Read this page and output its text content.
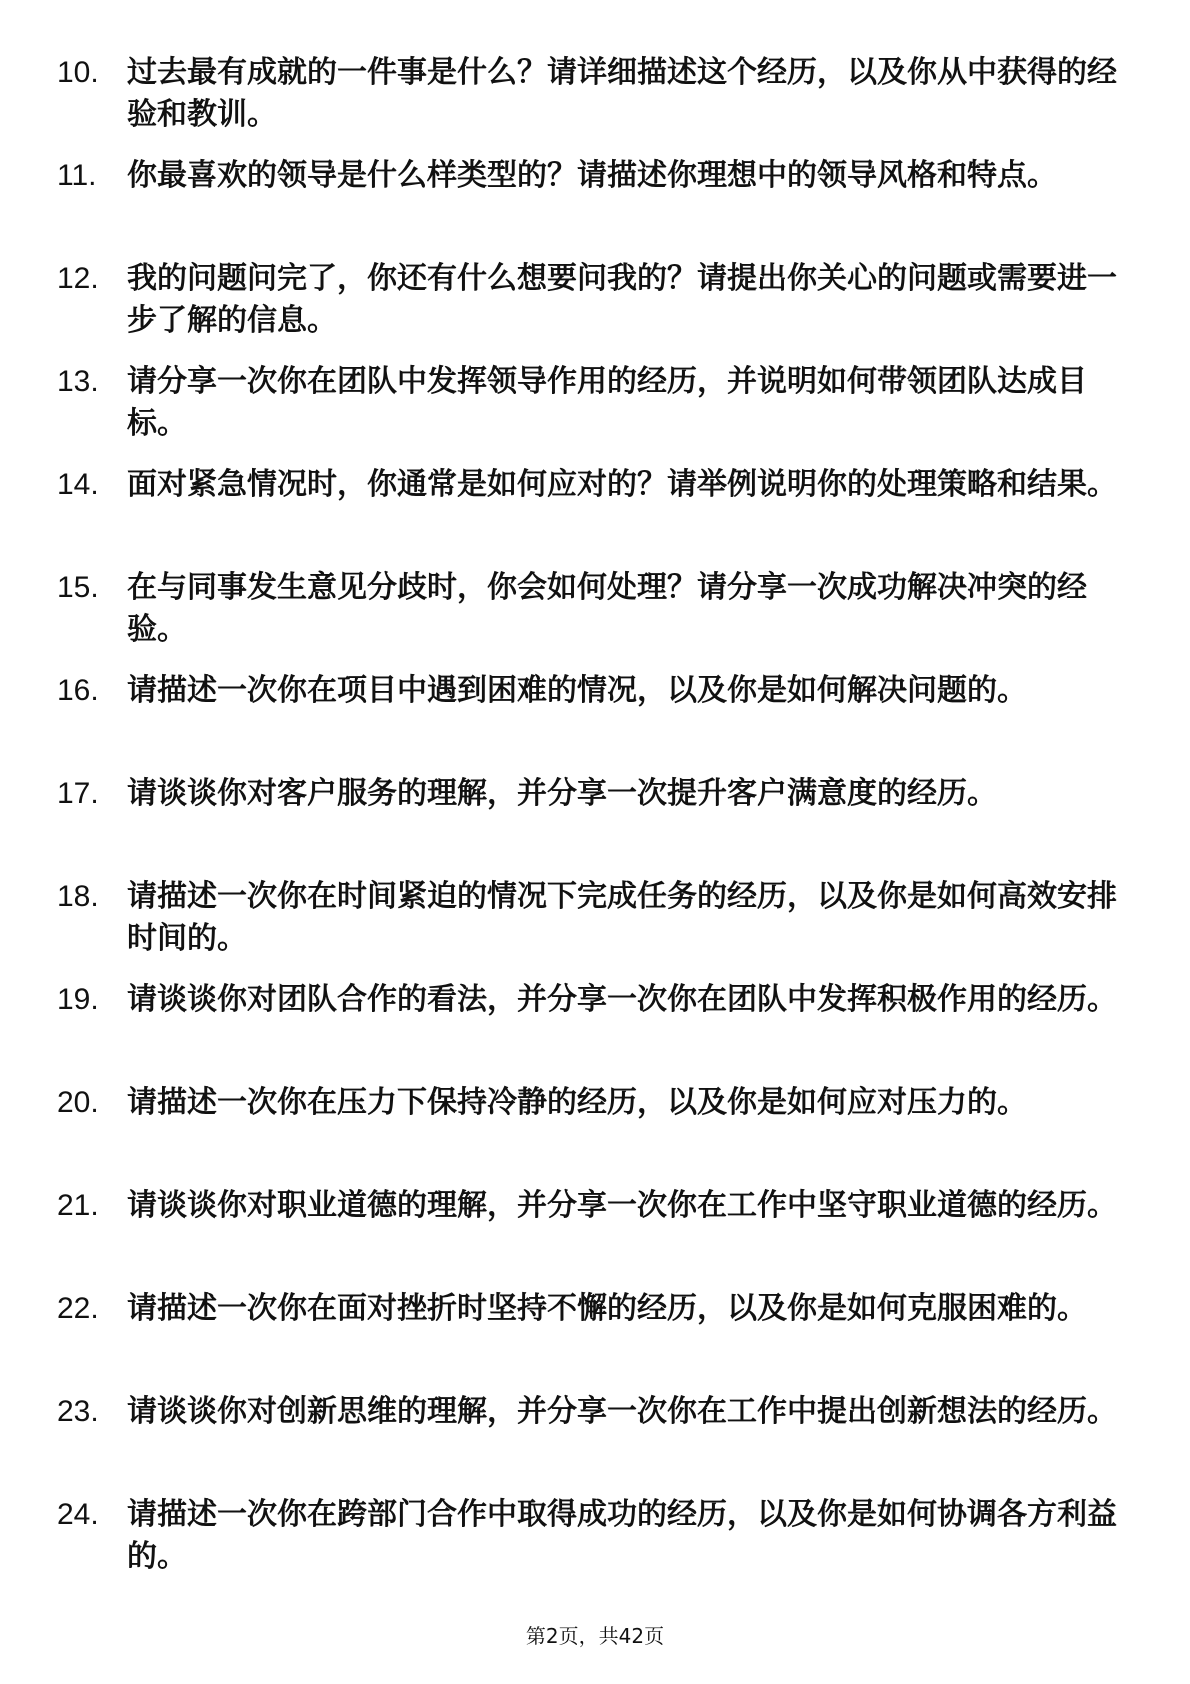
10. 过去最有成就的一件事是什么？请详细描述这个经历，以及你从中获得的经验和教训。
11.	你最喜欢的领导是什么样类型的？请描述你理想中的领导风格和特点。
12. 我的问题问完了，你还有什么想要问我的？请提出你关心的问题或需要进一步了解的信息。
13. 请分享一次你在团队中发挥领导作用的经历，并说明如何带领团队达成目标。
14. 面对紧急情况时，你通常是如何应对的？请举例说明你的处理策略和结果。
15. 在与同事发生意见分歧时，你会如何处理？请分享一次成功解决冲突的经验。
16. 请描述一次你在项目中遇到困难的情况，以及你是如何解决问题的。
17. 请谈谈你对客户服务的理解，并分享一次提升客户满意度的经历。
18. 请描述一次你在时间紧迫的情况下完成任务的经历，以及你是如何高效安排时间的。
19. 请谈谈你对团队合作的看法，并分享一次你在团队中发挥积极作用的经历。
20. 请描述一次你在压力下保持冷静的经历，以及你是如何应对压力的。
21. 请谈谈你对职业道德的理解，并分享一次你在工作中坚守职业道德的经历。
22. 请描述一次你在面对挫折时坚持不懈的经历，以及你是如何克服困难的。
23. 请谈谈你对创新思维的理解，并分享一次你在工作中提出创新想法的经历。
24. 请描述一次你在跨部门合作中取得成功的经历，以及你是如何协调各方利益的。
第2页，共42页
